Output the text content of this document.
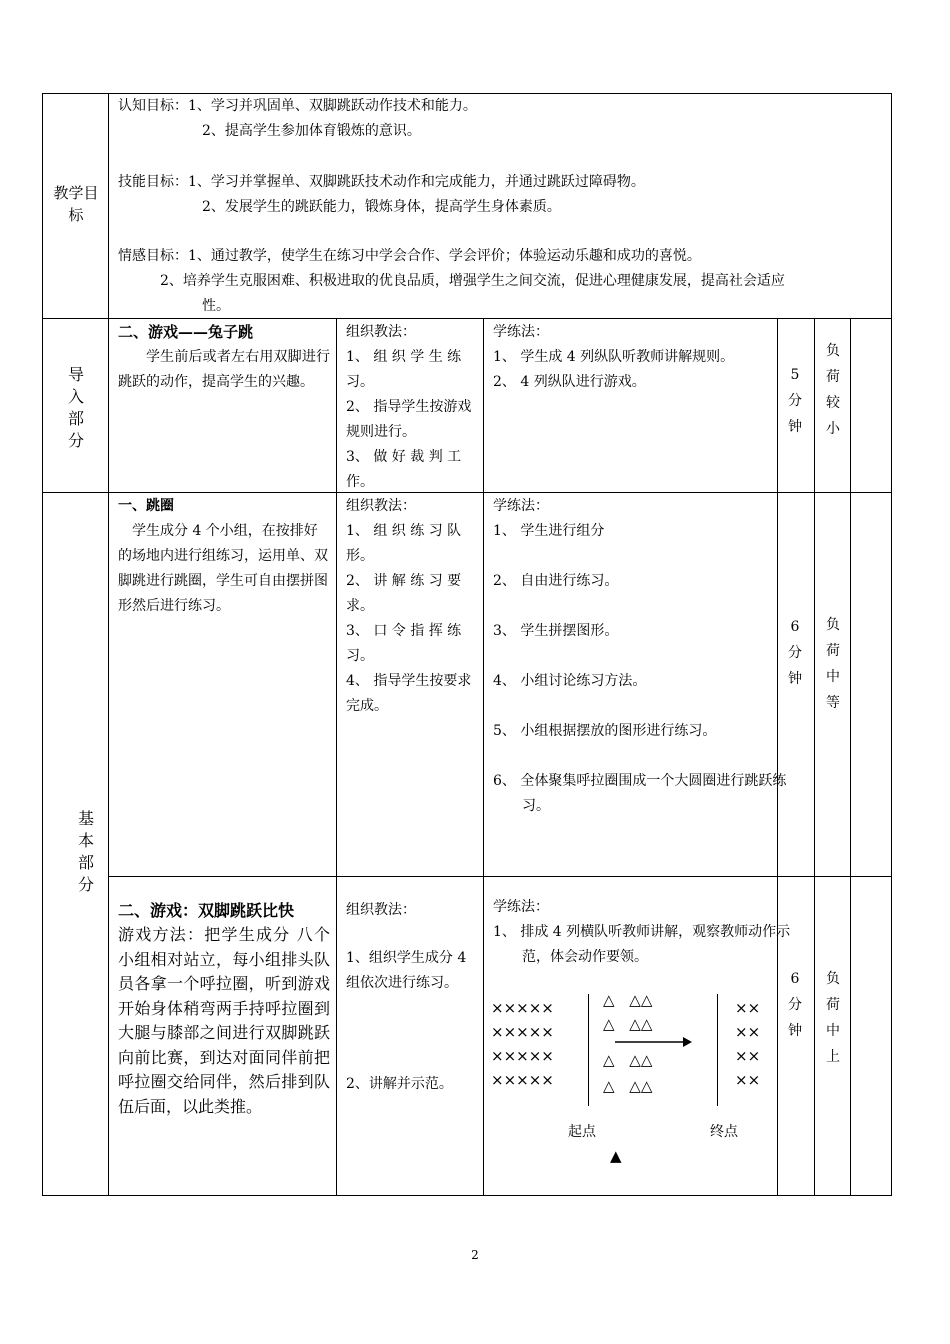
教学目标
认知目标：1、学习并巩固单、双脚跳跃动作技术和能力。
2、提高学生参加体育锻炼的意识。
技能目标：1、学习并掌握单、双脚跳跃技术动作和完成能力，并通过跳跃过障碍物。
2、发展学生的跳跃能力，锻炼身体，提高学生身体素质。
情感目标：1、通过教学，使学生在练习中学会合作、学会评价；体验运动乐趣和成功的喜悦。
2、培养学生克服困难、积极进取的优良品质，增强学生之间交流，促进心理健康发展，提高社会适应
性。
导入部分
二、游戏——兔子跳
学生前后或者左右用双脚进行跳跃的动作，提高学生的兴趣。
组织教法：
1、 组 织 学 生 练 习。
2、 指导学生按游戏规则进行。
3、 做 好 裁 判 工 作。
学练法：
1、 学生成 4 列纵队听教师讲解规则。
2、 4 列纵队进行游戏。	5 分钟
负荷较小
基本部分
一、跳圈
学生成分 4 个小组，在按排好的场地内进行组练习，运用单、双脚跳进行跳圈，学生可自由摆拼图形然后进行练习。
组织教法：
1、 组 织 练 习 队 形。
2、 讲 解 练 习 要 求。
3、 口 令 指 挥 练 习。
4、 指导学生按要求完成。
学练法：
1、 学生进行组分
2、 自由进行练习。
3、 学生拼摆图形。
4、 小组讨论练习方法。
5、 小组根据摆放的图形进行练习。
6、 全体聚集呼拉圈围成一个大圆圈进行跳跃练习。
6 分钟
负荷中等
二、游戏：双脚跳跃比快
游戏方法：把学生成分 八个小组相对站立，每小组排头队员各拿一个呼拉圈，听到游戏开始身体稍弯两手持呼拉圈到大腿与膝部之间进行双脚跳跃向前比赛，到达对面同伴前把呼拉圈交给同伴，然后排到队伍后面，以此类推。
组织教法：
1、组织学生成分 4 组依次进行练习。
2、讲解并示范。
学练法：
1、 排成 4 列横队听教师讲解，观察教师动作示范，体会动作要领。
×××××
×××××
×××××
×××××
△ △△
△ △△
△ △△
△ △△
××
××
××
××
起点	终点
▲
6 分钟
负荷中上
2
